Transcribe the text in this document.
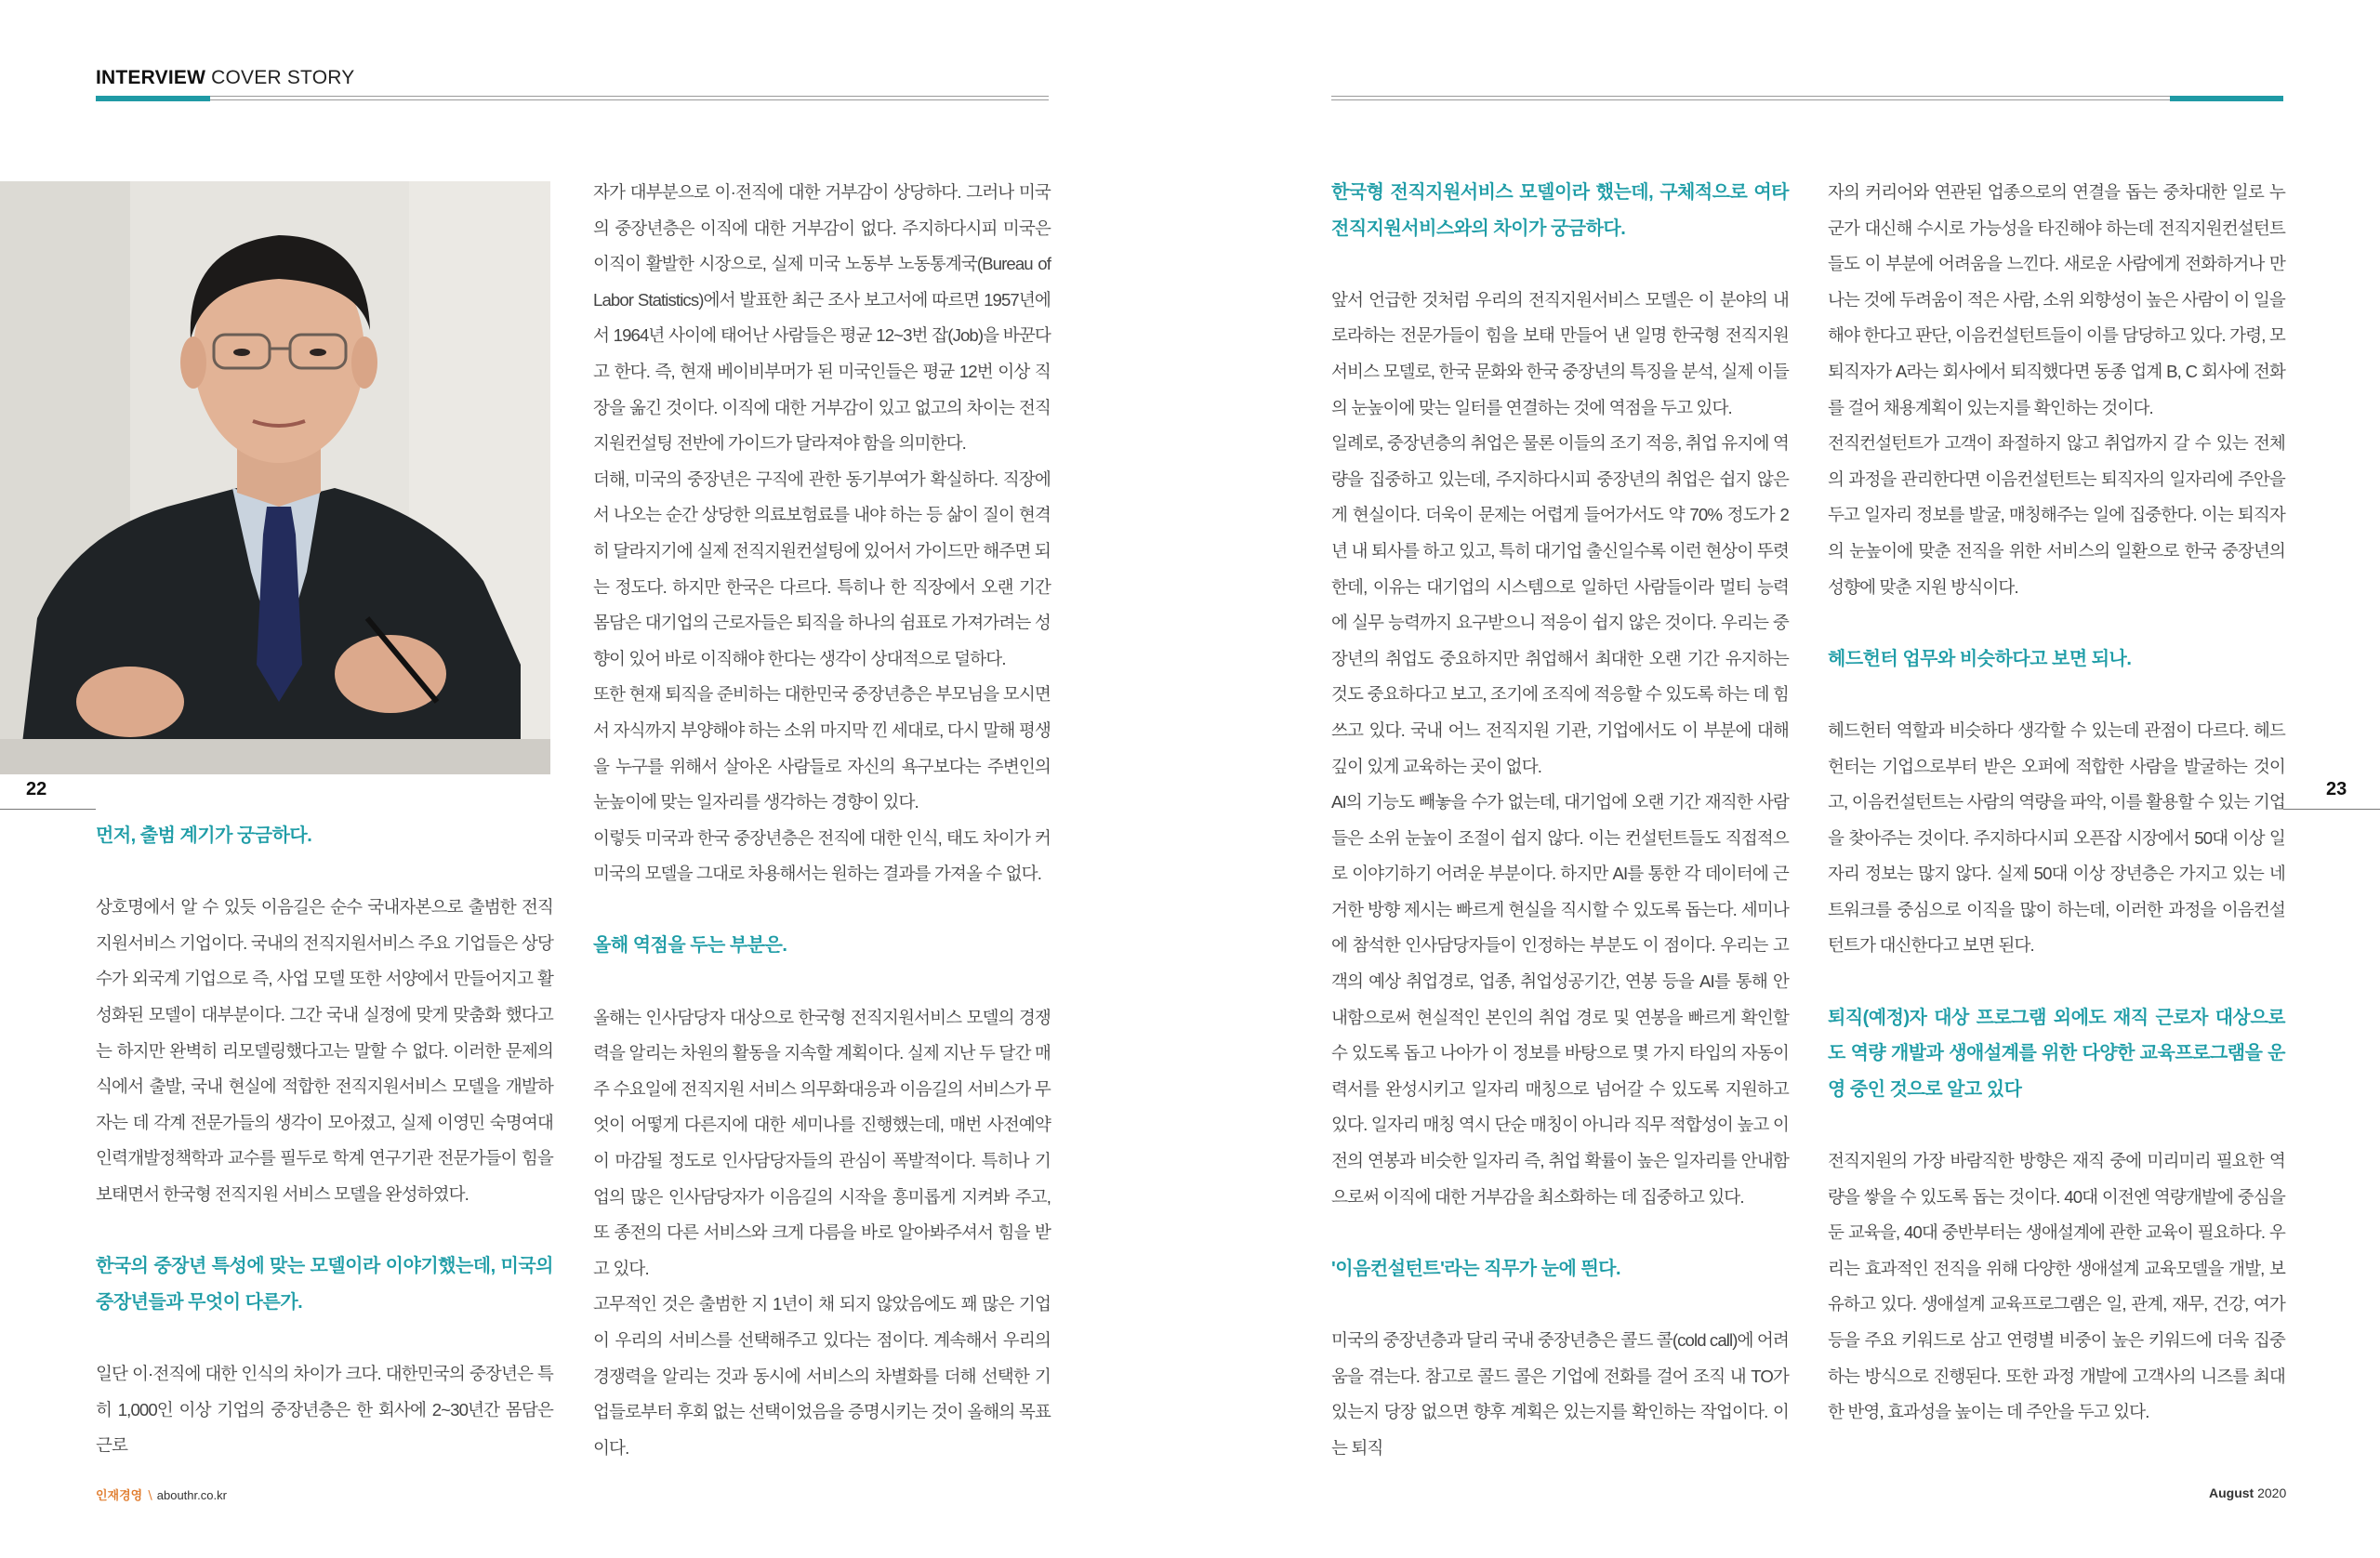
INTERVIEW COVER STORY
22	23

먼저, 출범 계기가 궁금하다.

상호명에서 알 수 있듯 이음길은 순수 국내자본으로 출범한 전직지원서비스 기업이다. 국내의 전직지원서비스 주요 기업들은 상당수가 외국계 기업으로 즉, 사업 모델 또한 서양에서 만들어지고 활성화된 모델이 대부분이다. 그간 국내 실정에 맞게 맞춤화 했다고는 하지만 완벽히 리모델링했다고는 말할 수 없다. 이러한 문제의식에서 출발, 국내 현실에 적합한 전직지원서비스 모델을 개발하자는 데 각계 전문가들의 생각이 모아졌고, 실제 이영민 숙명여대 인력개발정책학과 교수를 필두로 학계 연구기관 전문가들이 힘을 보태면서 한국형 전직지원 서비스 모델을 완성하였다.

한국의 중장년 특성에 맞는 모델이라 이야기했는데, 미국의 중장년들과 무엇이 다른가.

일단 이·전직에 대한 인식의 차이가 크다. 대한민국의 중장년은 특히 1,000인 이상 기업의 중장년층은 한 회사에 2~30년간 몸담은 근로

자가 대부분으로 이·전직에 대한 거부감이 상당하다. 그러나 미국의 중장년층은 이직에 대한 거부감이 없다. 주지하다시피 미국은 이직이 활발한 시장으로, 실제 미국 노동부 노동통계국(Bureau of Labor Statistics)에서 발표한 최근 조사 보고서에 따르면 1957년에서 1964년 사이에 태어난 사람들은 평균 12~3번 잡(Job)을 바꾼다고 한다. 즉, 현재 베이비부머가 된 미국인들은 평균 12번 이상 직장을 옮긴 것이다. 이직에 대한 거부감이 있고 없고의 차이는 전직지원컨설팅 전반에 가이드가 달라져야 함을 의미한다.

더해, 미국의 중장년은 구직에 관한 동기부여가 확실하다. 직장에서 나오는 순간 상당한 의료보험료를 내야 하는 등 삶이 질이 현격히 달라지기에 실제 전직지원컨설팅에 있어서 가이드만 해주면 되는 정도다. 하지만 한국은 다르다. 특히나 한 직장에서 오랜 기간 몸담은 대기업의 근로자들은 퇴직을 하나의 쉼표로 가져가려는 성향이 있어 바로 이직해야 한다는 생각이 상대적으로 덜하다.

또한 현재 퇴직을 준비하는 대한민국 중장년층은 부모님을 모시면서 자식까지 부양해야 하는 소위 마지막 낀 세대로, 다시 말해 평생을 누구를 위해서 살아온 사람들로 자신의 욕구보다는 주변인의 눈높이에 맞는 일자리를 생각하는 경향이 있다.

이렇듯 미국과 한국 중장년층은 전직에 대한 인식, 태도 차이가 커 미국의 모델을 그대로 차용해서는 원하는 결과를 가져올 수 없다.

올해 역점을 두는 부분은.

올해는 인사담당자 대상으로 한국형 전직지원서비스 모델의 경쟁력을 알리는 차원의 활동을 지속할 계획이다. 실제 지난 두 달간 매주 수요일에 전직지원 서비스 의무화대응과 이음길의 서비스가 무엇이 어떻게 다른지에 대한 세미나를 진행했는데, 매번 사전예약이 마감될 정도로 인사담당자들의 관심이 폭발적이다. 특히나 기업의 많은 인사담당자가 이음길의 시작을 흥미롭게 지켜봐 주고, 또 종전의 다른 서비스와 크게 다름을 바로 알아봐주셔서 힘을 받고 있다.

고무적인 것은 출범한 지 1년이 채 되지 않았음에도 꽤 많은 기업이 우리의 서비스를 선택해주고 있다는 점이다. 계속해서 우리의 경쟁력을 알리는 것과 동시에 서비스의 차별화를 더해 선택한 기업들로부터 후회 없는 선택이었음을 증명시키는 것이 올해의 목표이다.

한국형 전직지원서비스 모델이라 했는데, 구체적으로 여타 전직지원서비스와의 차이가 궁금하다.

앞서 언급한 것처럼 우리의 전직지원서비스 모델은 이 분야의 내로라하는 전문가들이 힘을 보태 만들어 낸 일명 한국형 전직지원서비스 모델로, 한국 문화와 한국 중장년의 특징을 분석, 실제 이들의 눈높이에 맞는 일터를 연결하는 것에 역점을 두고 있다.

일례로, 중장년층의 취업은 물론 이들의 조기 적응, 취업 유지에 역량을 집중하고 있는데, 주지하다시피 중장년의 취업은 쉽지 않은 게 현실이다. 더욱이 문제는 어렵게 들어가서도 약 70% 정도가 2년 내 퇴사를 하고 있고, 특히 대기업 출신일수록 이런 현상이 뚜렷한데, 이유는 대기업의 시스템으로 일하던 사람들이라 멀티 능력에 실무 능력까지 요구받으니 적응이 쉽지 않은 것이다. 우리는 중장년의 취업도 중요하지만 취업해서 최대한 오랜 기간 유지하는 것도 중요하다고 보고, 조기에 조직에 적응할 수 있도록 하는 데 힘쓰고 있다. 국내 어느 전직지원 기관, 기업에서도 이 부분에 대해 깊이 있게 교육하는 곳이 없다.

AI의 기능도 빼놓을 수가 없는데, 대기업에 오랜 기간 재직한 사람들은 소위 눈높이 조절이 쉽지 않다. 이는 컨설턴트들도 직접적으로 이야기하기 어려운 부분이다. 하지만 AI를 통한 각 데이터에 근거한 방향 제시는 빠르게 현실을 직시할 수 있도록 돕는다. 세미나에 참석한 인사담당자들이 인정하는 부분도 이 점이다. 우리는 고객의 예상 취업경로, 업종, 취업성공기간, 연봉 등을 AI를 통해 안내함으로써 현실적인 본인의 취업 경로 및 연봉을 빠르게 확인할 수 있도록 돕고 나아가 이 정보를 바탕으로 몇 가지 타입의 자동이력서를 완성시키고 일자리 매칭으로 넘어갈 수 있도록 지원하고 있다. 일자리 매칭 역시 단순 매칭이 아니라 직무 적합성이 높고 이전의 연봉과 비슷한 일자리 즉, 취업 확률이 높은 일자리를 안내함으로써 이직에 대한 거부감을 최소화하는 데 집중하고 있다.

'이음컨설턴트'라는 직무가 눈에 띈다.

미국의 중장년층과 달리 국내 중장년층은 콜드 콜(cold call)에 어려움을 겪는다. 참고로 콜드 콜은 기업에 전화를 걸어 조직 내 TO가 있는지 당장 없으면 향후 계획은 있는지를 확인하는 작업이다. 이는 퇴직

자의 커리어와 연관된 업종으로의 연결을 돕는 중차대한 일로 누군가 대신해 수시로 가능성을 타진해야 하는데 전직지원컨설턴트들도 이 부분에 어려움을 느낀다. 새로운 사람에게 전화하거나 만나는 것에 두려움이 적은 사람, 소위 외향성이 높은 사람이 이 일을 해야 한다고 판단, 이음컨설턴트들이 이를 담당하고 있다. 가령, 모 퇴직자가 A라는 회사에서 퇴직했다면 동종 업계 B, C 회사에 전화를 걸어 채용계획이 있는지를 확인하는 것이다.

전직컨설턴트가 고객이 좌절하지 않고 취업까지 갈 수 있는 전체의 과정을 관리한다면 이음컨설턴트는 퇴직자의 일자리에 주안을 두고 일자리 정보를 발굴, 매칭해주는 일에 집중한다. 이는 퇴직자의 눈높이에 맞춘 전직을 위한 서비스의 일환으로 한국 중장년의 성향에 맞춘 지원 방식이다.

헤드헌터 업무와 비슷하다고 보면 되나.

헤드헌터 역할과 비슷하다 생각할 수 있는데 관점이 다르다. 헤드헌터는 기업으로부터 받은 오퍼에 적합한 사람을 발굴하는 것이고, 이음컨설턴트는 사람의 역량을 파악, 이를 활용할 수 있는 기업을 찾아주는 것이다. 주지하다시피 오픈잡 시장에서 50대 이상 일자리 정보는 많지 않다. 실제 50대 이상 장년층은 가지고 있는 네트워크를 중심으로 이직을 많이 하는데, 이러한 과정을 이음컨설턴트가 대신한다고 보면 된다.

퇴직(예정)자 대상 프로그램 외에도 재직 근로자 대상으로도 역량 개발과 생애설계를 위한 다양한 교육프로그램을 운영 중인 것으로 알고 있다

전직지원의 가장 바람직한 방향은 재직 중에 미리미리 필요한 역량을 쌓을 수 있도록 돕는 것이다. 40대 이전엔 역량개발에 중심을 둔 교육을, 40대 중반부터는 생애설계에 관한 교육이 필요하다. 우리는 효과적인 전직을 위해 다양한 생애설계 교육모델을 개발, 보유하고 있다. 생애설계 교육프로그램은 일, 관계, 재무, 건강, 여가 등을 주요 키워드로 삼고 연령별 비중이 높은 키워드에 더욱 집중하는 방식으로 진행된다. 또한 과정 개발에 고객사의 니즈를 최대한 반영, 효과성을 높이는 데 주안을 두고 있다.

인재경영 ∖ abouthr.co.kr	August 2020
